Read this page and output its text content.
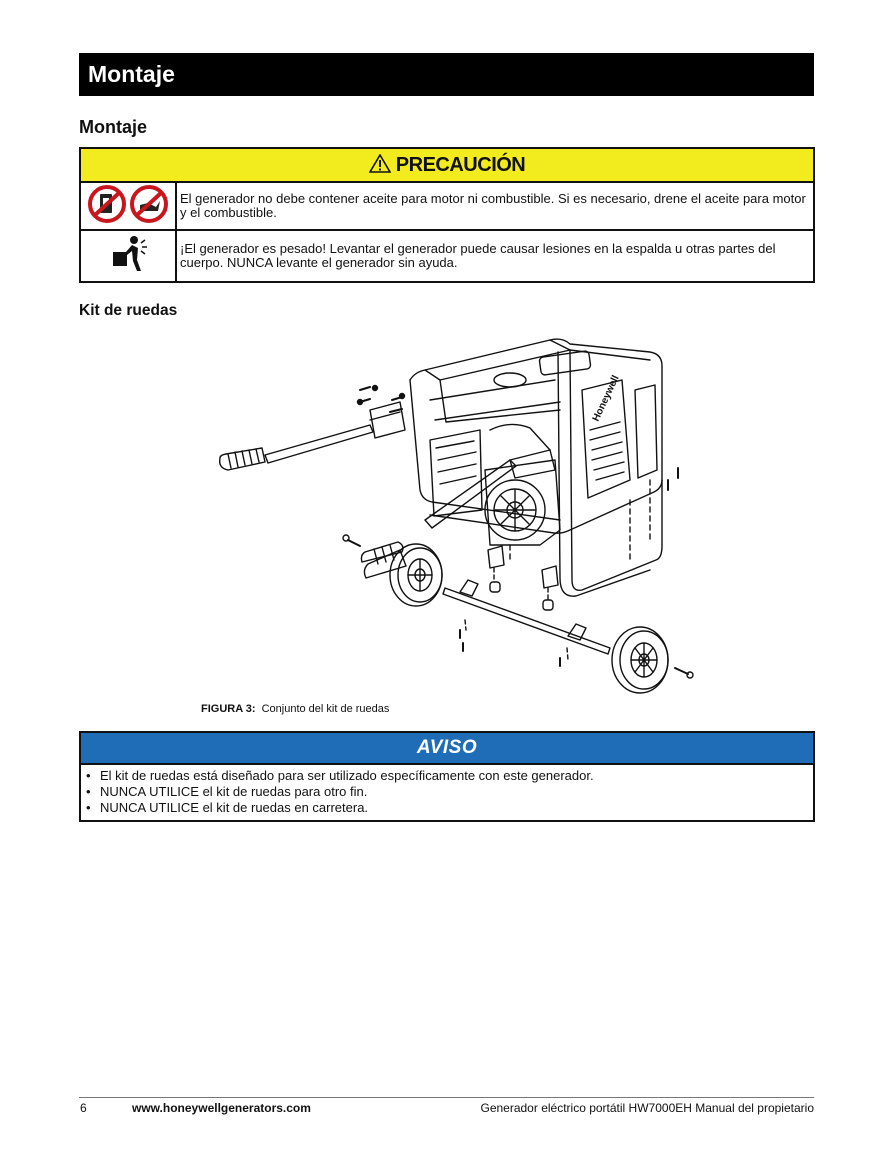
Montaje
Montaje
PRECAUCIÓN	
	El generador no debe contener aceite para motor ni combustible. Si es necesario, drene el aceite para motor y el combustible.
	¡El generador es pesado! Levantar el generador puede causar lesiones en la espalda u otras partes del cuerpo. NUNCA levante el generador sin ayuda.
Kit de ruedas
Honeywell
FIGURA 3: Conjunto del kit de ruedas
AVISO

• El kit de ruedas está diseñado para ser utilizado específicamente con este generador.
• NUNCA UTILICE el kit de ruedas para otro fin.
• NUNCA UTILICE el kit de ruedas en carretera.
6	www.honeywellgenerators.com	Generador eléctrico portátil HW7000EH Manual del propietario
